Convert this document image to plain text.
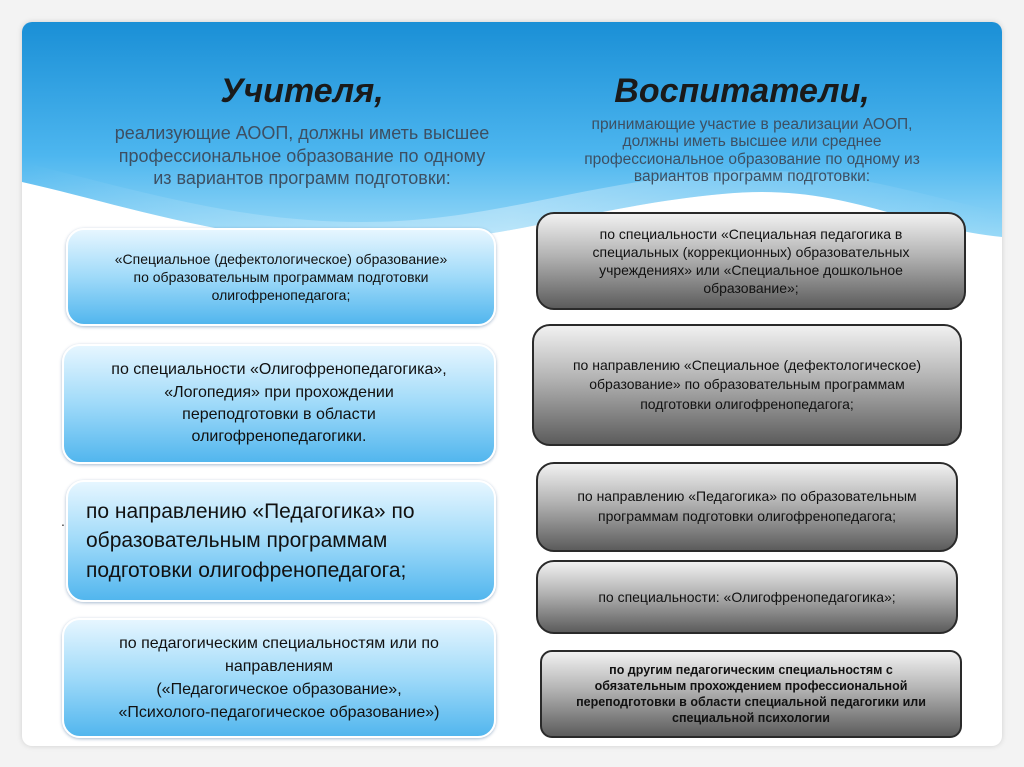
Учителя,	Воспитатели,
реализующие АООП, должны иметь высшее
профессиональное образование по одному
из вариантов программ подготовки:
принимающие участие в реализации АООП,
должны иметь высшее или среднее
профессиональное образование по одному из
вариантов программ подготовки:
«Специальное (дефектологическое) образование»
по образовательным программам подготовки
олигофренопедагога;
по специальности «Олигофренопедагогика»,
«Логопедия» при прохождении
переподготовки в области
олигофренопедагогики.
по направлению «Педагогика» по
образовательным программам
подготовки олигофренопедагога;
по педагогическим специальностям или по
направлениям
(«Педагогическое образование»,
«Психолого-педагогическое образование»)
по специальности «Специальная педагогика в
специальных (коррекционных) образовательных
учреждениях» или «Специальное дошкольное
образование»;
по направлению «Специальное (дефектологическое)
образование» по образовательным программам
подготовки олигофренопедагога;
по направлению «Педагогика» по образовательным
программам подготовки олигофренопедагога;
по специальности: «Олигофренопедагогика»;
по другим педагогическим специальностям с
обязательным прохождением профессиональной
переподготовки в области специальной педагогики или
специальной психологии
.
